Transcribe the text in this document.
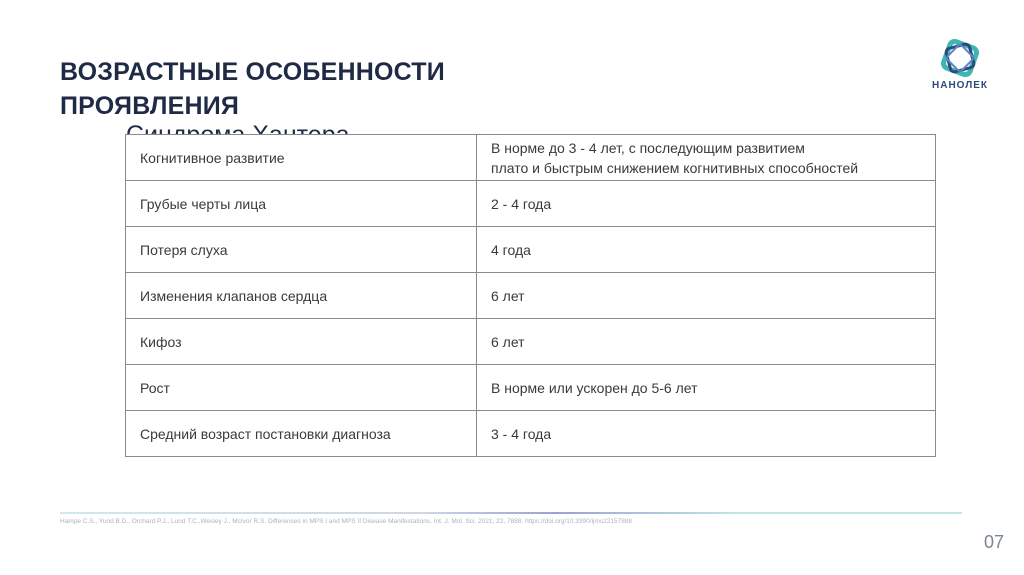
ВОЗРАСТНЫЕ ОСОБЕННОСТИ
ПРОЯВЛЕНИЯ
НАНОЛЕК
Когнитивное развитие	В норме до 3 - 4 лет, с последующим развитием
плато и быстрым снижением когнитивных способностей

Грубые черты лица	2 - 4 года
Потеря слуха	4 года
Изменения клапанов сердца	6 лет
Кифоз	6 лет
Рост	В норме или ускорен до 5-6 лет
Средний возраст постановки диагноза	3 - 4 года
Hampe C.S., Yund B.D., Orchard P.J., Lund T.C.,Wesley J., McIvor R.S. Differences in MPS I and MPS II Disease Manifestations. Int. J. Mol. Sci. 2021, 22, 7888. https://doi.org/10.3390/ijms22157888
07
